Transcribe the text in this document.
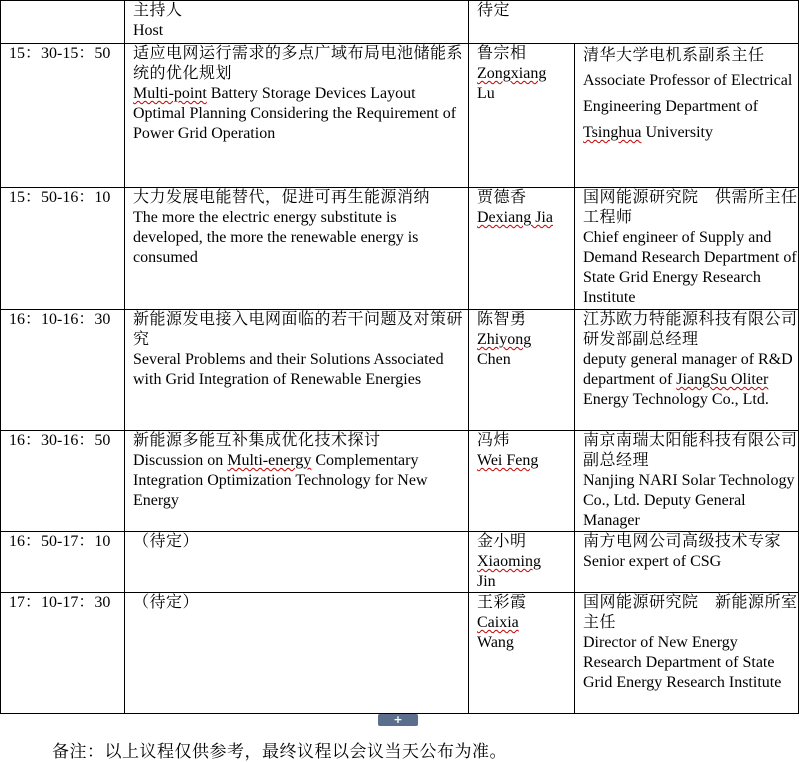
	主持人
Host	待定	

15：30-15：50	适应电网运行需求的多点广域布局电池储能系统的优化规划
Multi-point Battery Storage Devices Layout Optimal Planning Considering the Requirement of Power Grid Operation	鲁宗相
Zongxiang
Lu	清华大学电机系副系主任
Associate Professor of Electrical Engineering Department of Tsinghua University

15：50-16：10	大力发展电能替代，促进可再生能源消纳
The more the electric energy substitute is developed, the more the renewable energy is consumed	贾德香
Dexiang Jia	国网能源研究院　供需所主任工程师
Chief engineer of Supply and Demand Research Department of State Grid Energy Research Institute

16：10-16：30	新能源发电接入电网面临的若干问题及对策研究
Several Problems and their Solutions Associated with Grid Integration of Renewable Energies	陈智勇
Zhiyong
Chen	江苏欧力特能源科技有限公司研发部副总经理
deputy general manager of R&D department of JiangSu Oliter Energy Technology Co., Ltd.

16：30-16：50	新能源多能互补集成优化技术探讨
Discussion on Multi-energy Complementary Integration Optimization Technology for New Energy	冯炜
Wei Feng	南京南瑞太阳能科技有限公司副总经理
Nanjing NARI Solar Technology Co., Ltd. Deputy General Manager

16：50-17：10	（待定）	金小明
Xiaoming
Jin	南方电网公司高级技术专家
Senior expert of CSG

17：10-17：30	（待定）	王彩霞
Caixia
Wang	国网能源研究院　新能源所室主任
Director of New Energy Research Department of State Grid Energy Research Institute
+
备注：以上议程仅供参考，最终议程以会议当天公布为准。
